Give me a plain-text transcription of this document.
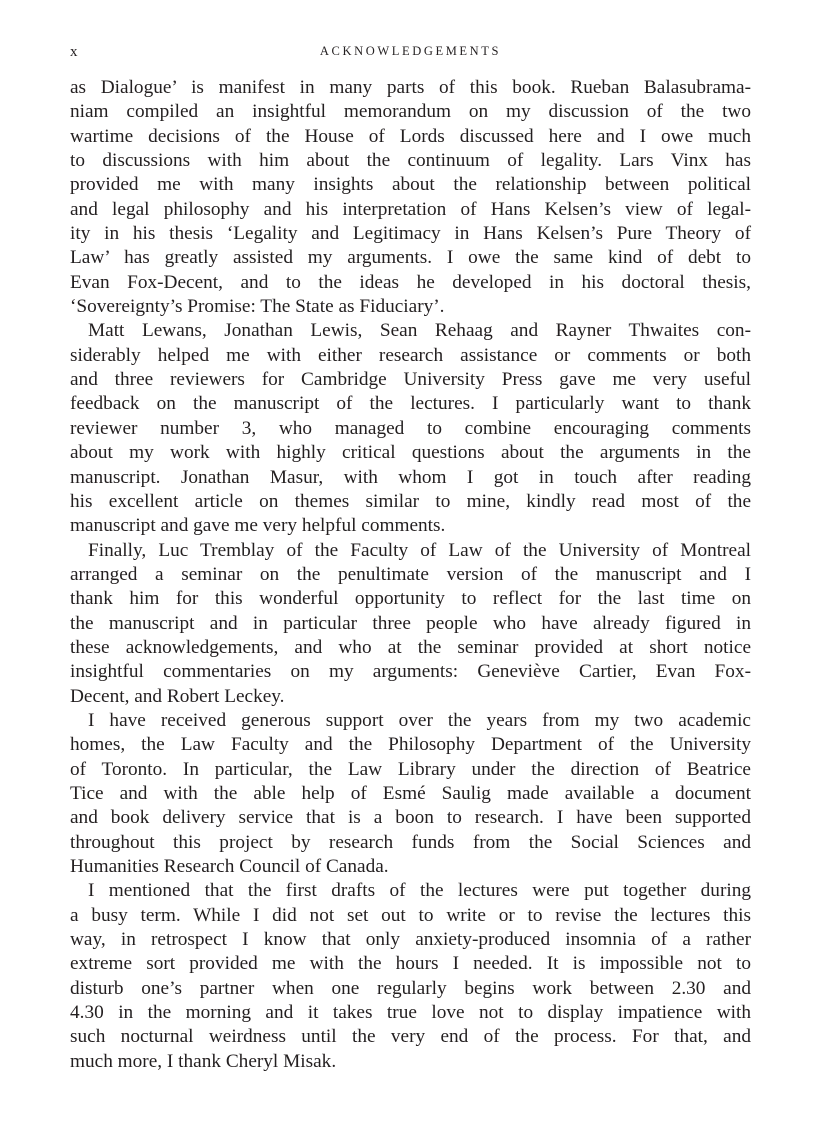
x	ACKNOWLEDGEMENTS
as Dialogue’ is manifest in many parts of this book. Rueban Balasubrama-
niam compiled an insightful memorandum on my discussion of the two
wartime decisions of the House of Lords discussed here and I owe much
to discussions with him about the continuum of legality. Lars Vinx has
provided me with many insights about the relationship between political
and legal philosophy and his interpretation of Hans Kelsen’s view of legal-
ity in his thesis ‘Legality and Legitimacy in Hans Kelsen’s Pure Theory of
Law’ has greatly assisted my arguments. I owe the same kind of debt to
Evan Fox-Decent, and to the ideas he developed in his doctoral thesis,
‘Sovereignty’s Promise: The State as Fiduciary’.
Matt Lewans, Jonathan Lewis, Sean Rehaag and Rayner Thwaites con-
siderably helped me with either research assistance or comments or both
and three reviewers for Cambridge University Press gave me very useful
feedback on the manuscript of the lectures. I particularly want to thank
reviewer number 3, who managed to combine encouraging comments
about my work with highly critical questions about the arguments in the
manuscript. Jonathan Masur, with whom I got in touch after reading
his excellent article on themes similar to mine, kindly read most of the
manuscript and gave me very helpful comments.
Finally, Luc Tremblay of the Faculty of Law of the University of Montreal
arranged a seminar on the penultimate version of the manuscript and I
thank him for this wonderful opportunity to reflect for the last time on
the manuscript and in particular three people who have already figured in
these acknowledgements, and who at the seminar provided at short notice
insightful commentaries on my arguments: Geneviève Cartier, Evan Fox-
Decent, and Robert Leckey.
I have received generous support over the years from my two academic
homes, the Law Faculty and the Philosophy Department of the University
of Toronto. In particular, the Law Library under the direction of Beatrice
Tice and with the able help of Esmé Saulig made available a document
and book delivery service that is a boon to research. I have been supported
throughout this project by research funds from the Social Sciences and
Humanities Research Council of Canada.
I mentioned that the first drafts of the lectures were put together during
a busy term. While I did not set out to write or to revise the lectures this
way, in retrospect I know that only anxiety-produced insomnia of a rather
extreme sort provided me with the hours I needed. It is impossible not to
disturb one’s partner when one regularly begins work between 2.30 and
4.30 in the morning and it takes true love not to display impatience with
such nocturnal weirdness until the very end of the process. For that, and
much more, I thank Cheryl Misak.
